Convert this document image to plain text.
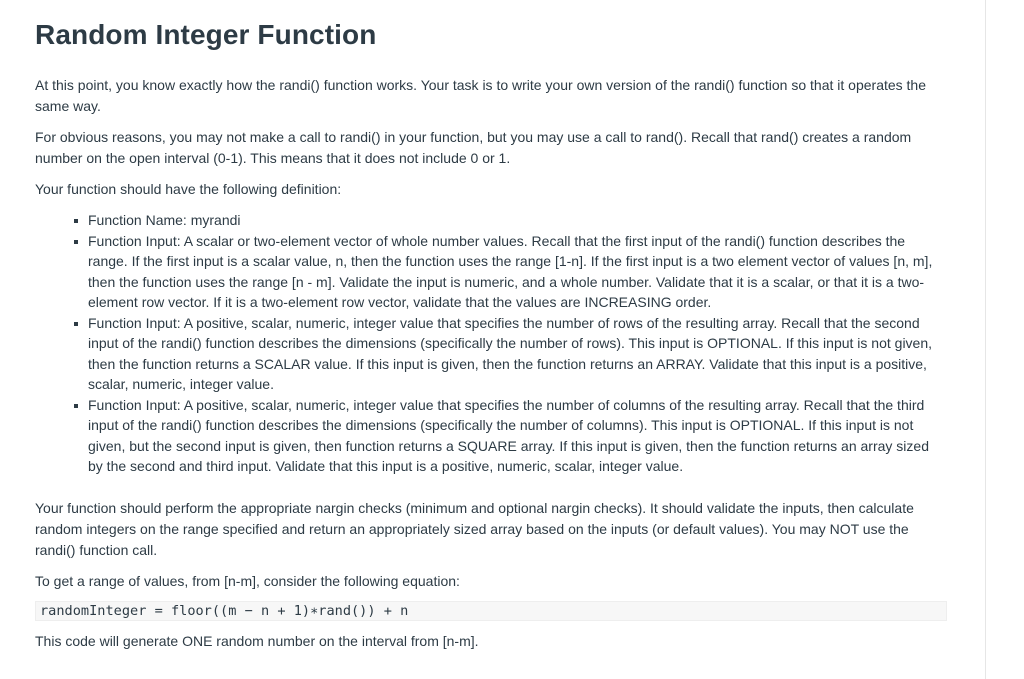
Random Integer Function

At this point, you know exactly how the randi() function works. Your task is to write your own version of the randi() function so that it operates the same way.

For obvious reasons, you may not make a call to randi() in your function, but you may use a call to rand(). Recall that rand() creates a random number on the open interval (0-1). This means that it does not include 0 or 1.

Your function should have the following definition:

Function Name: myrandi
Function Input: A scalar or two-element vector of whole number values. Recall that the first input of the randi() function describes the range. If the first input is a scalar value, n, then the function uses the range [1-n]. If the first input is a two element vector of values [n, m], then the function uses the range [n - m]. Validate the input is numeric, and a whole number. Validate that it is a scalar, or that it is a two-element row vector. If it is a two-element row vector, validate that the values are INCREASING order.
Function Input: A positive, scalar, numeric, integer value that specifies the number of rows of the resulting array. Recall that the second input of the randi() function describes the dimensions (specifically the number of rows). This input is OPTIONAL. If this input is not given, then the function returns a SCALAR value. If this input is given, then the function returns an ARRAY. Validate that this input is a positive, scalar, numeric, integer value.
Function Input: A positive, scalar, numeric, integer value that specifies the number of columns of the resulting array. Recall that the third input of the randi() function describes the dimensions (specifically the number of columns). This input is OPTIONAL. If this input is not given, but the second input is given, then function returns a SQUARE array. If this input is given, then the function returns an array sized by the second and third input. Validate that this input is a positive, numeric, scalar, integer value.

Your function should perform the appropriate nargin checks (minimum and optional nargin checks). It should validate the inputs, then calculate random integers on the range specified and return an appropriately sized array based on the inputs (or default values). You may NOT use the randi() function call.

To get a range of values, from [n-m], consider the following equation:

randomInteger = floor((m − n + 1)∗rand()) + n

This code will generate ONE random number on the interval from [n-m].
